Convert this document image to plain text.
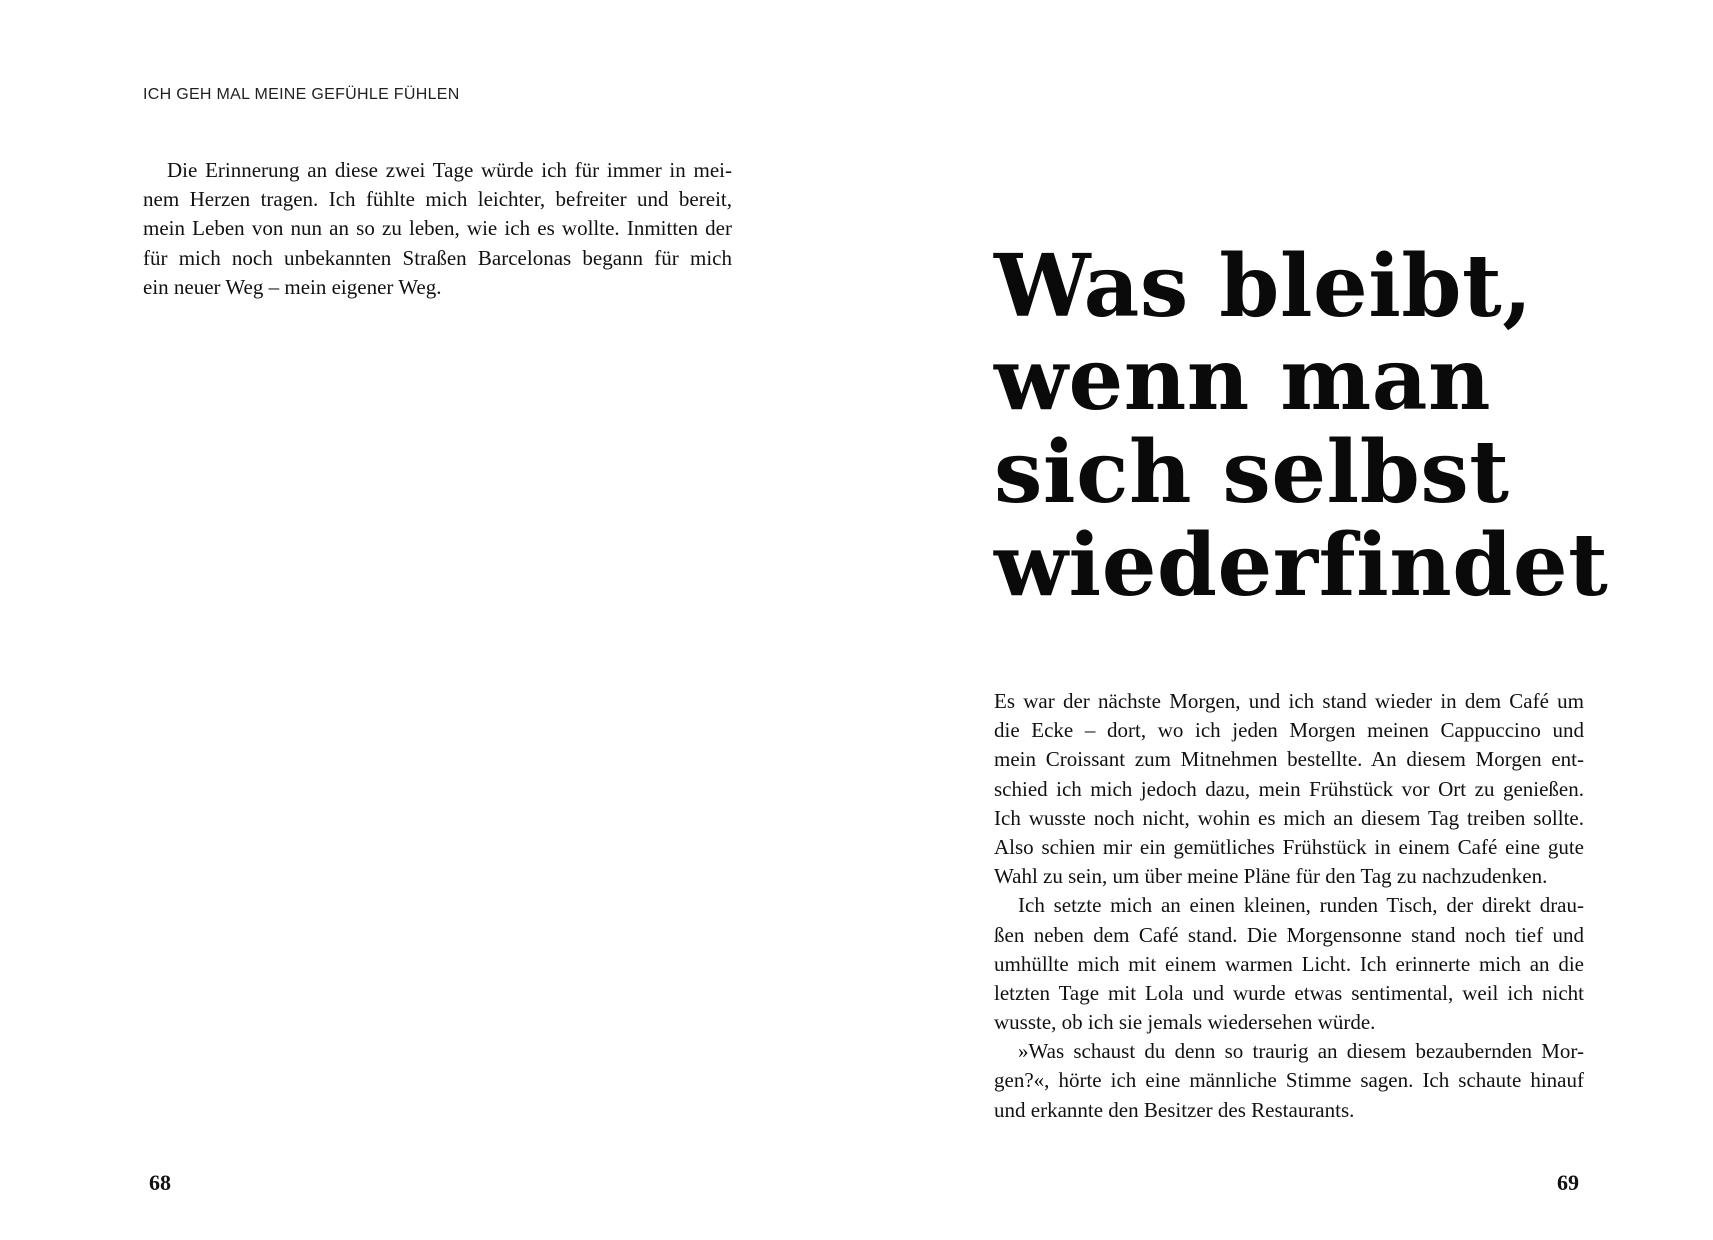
ICH GEH MAL MEINE GEFÜHLE FÜHLEN
Die Erinnerung an diese zwei Tage würde ich für immer in mei-
nem Herzen tragen. Ich fühlte mich leichter, befreiter und bereit,
mein Leben von nun an so zu leben, wie ich es wollte. Inmitten der
für mich noch unbekannten Straßen Barcelonas begann für mich
ein neuer Weg – mein eigener Weg.
68
Was bleibt,
wenn man
sich selbst
wiederfindet
Es war der nächste Morgen, und ich stand wieder in dem Café um
die Ecke – dort, wo ich jeden Morgen meinen Cappuccino und
mein Croissant zum Mitnehmen bestellte. An diesem Morgen ent-
schied ich mich jedoch dazu, mein Frühstück vor Ort zu genießen.
Ich wusste noch nicht, wohin es mich an diesem Tag treiben sollte.
Also schien mir ein gemütliches Frühstück in einem Café eine gute
Wahl zu sein, um über meine Pläne für den Tag zu nachzudenken.
Ich setzte mich an einen kleinen, runden Tisch, der direkt drau-
ßen neben dem Café stand. Die Morgensonne stand noch tief und
umhüllte mich mit einem warmen Licht. Ich erinnerte mich an die
letzten Tage mit Lola und wurde etwas sentimental, weil ich nicht
wusste, ob ich sie jemals wiedersehen würde.
»Was schaust du denn so traurig an diesem bezaubernden Mor-
gen?«, hörte ich eine männliche Stimme sagen. Ich schaute hinauf
und erkannte den Besitzer des Restaurants.
69
